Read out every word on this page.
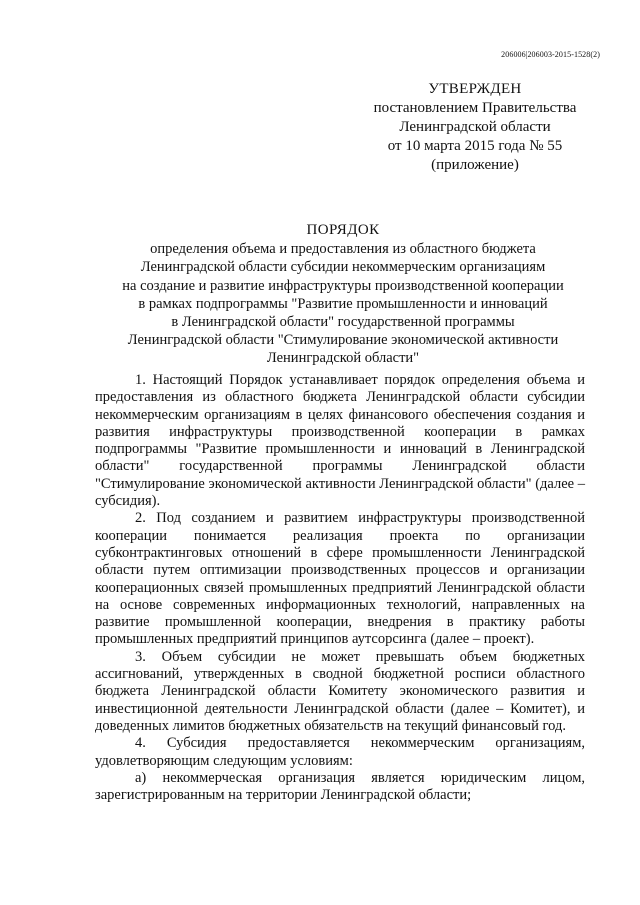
206006|206003-2015-1528(2)
УТВЕРЖДЕН
постановлением Правительства
Ленинградской области
от 10 марта 2015 года № 55
(приложение)
ПОРЯДОК
определения объема и предоставления из областного бюджета
Ленинградской области субсидии некоммерческим организациям
на создание и развитие инфраструктуры производственной кооперации
в рамках подпрограммы "Развитие промышленности и инноваций
в Ленинградской области" государственной программы
Ленинградской области "Стимулирование экономической активности
Ленинградской области"

1. Настоящий Порядок устанавливает порядок определения объема и предоставления из областного бюджета Ленинградской области субсидии некоммерческим организациям в целях финансового обеспечения создания и развития инфраструктуры производственной кооперации в рамках подпрограммы "Развитие промышленности и инноваций в Ленинградской области" государственной программы Ленинградской области "Стимулирование экономической активности Ленинградской области" (далее – субсидия).

2. Под созданием и развитием инфраструктуры производственной кооперации понимается реализация проекта по организации субконтрактинговых отношений в сфере промышленности Ленинградской области путем оптимизации производственных процессов и организации кооперационных связей промышленных предприятий Ленинградской области на основе современных информационных технологий, направленных на развитие промышленной кооперации, внедрения в практику работы промышленных предприятий принципов аутсорсинга (далее – проект).

3. Объем субсидии не может превышать объем бюджетных ассигнований, утвержденных в сводной бюджетной росписи областного бюджета Ленинградской области Комитету экономического развития и инвестиционной деятельности Ленинградской области (далее – Комитет), и доведенных лимитов бюджетных обязательств на текущий финансовый год.

4. Субсидия предоставляется некоммерческим организациям, удовлетворяющим следующим условиям:

а) некоммерческая организация является юридическим лицом, зарегистрированным на территории Ленинградской области;
